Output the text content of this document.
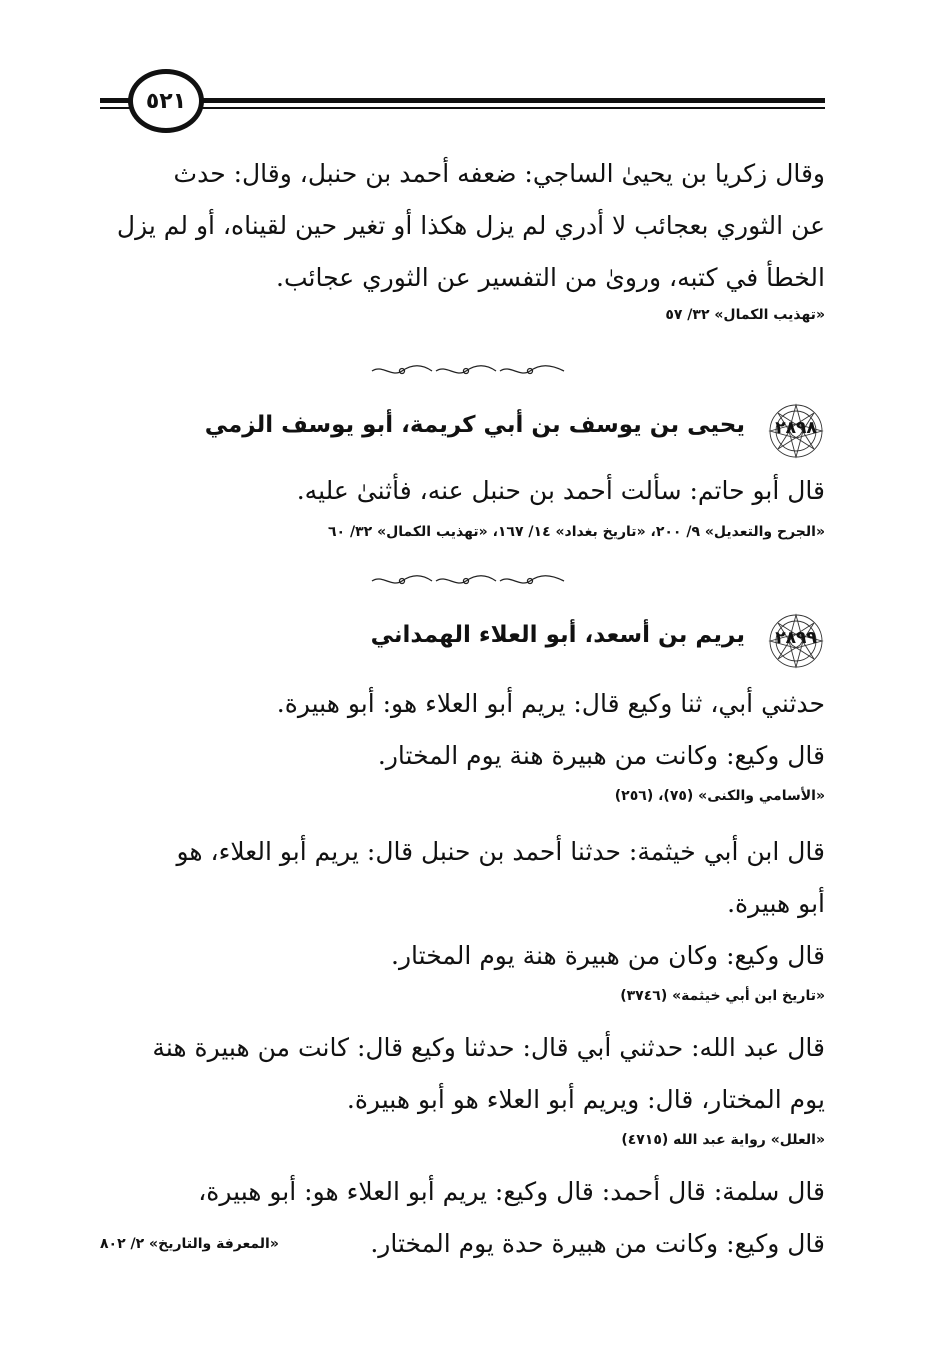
٥٢١
وقال زكريا بن يحيىٰ الساجي: ضعفه أحمد بن حنبل، وقال: حدث
عن الثوري بعجائب لا أدري لم يزل هكذا أو تغير حين لقيناه، أو لم يزل
الخطأ في كتبه، ورویٰ من التفسير عن الثوري عجائب.
«تهذيب الكمال» ٣٢/ ٥٧
٢٨٩٨
يحيى بن يوسف بن أبي كريمة، أبو يوسف الزمي
قال أبو حاتم: سألت أحمد بن حنبل عنه، فأثنىٰ عليه.
«الجرح والتعديل» ٩/ ٢٠٠، «تاريخ بغداد» ١٤/ ١٦٧، «تهذيب الكمال» ٣٢/ ٦٠
٢٨٩٩
يريم بن أسعد، أبو العلاء الهمداني
حدثني أبي، ثنا وكيع قال: يريم أبو العلاء هو: أبو هبيرة.
قال وكيع: وكانت من هبيرة هنة يوم المختار.
«الأسامي والكنى» (٧٥)، (٢٥٦)
قال ابن أبي خيثمة: حدثنا أحمد بن حنبل قال: يريم أبو العلاء، هو
أبو هبيرة.
قال وكيع: وكان من هبيرة هنة يوم المختار.
«تاريخ ابن أبي خيثمة» (٣٧٤٦)
قال عبد الله: حدثني أبي قال: حدثنا وكيع قال: كانت من هبيرة هنة
يوم المختار، قال: ويريم أبو العلاء هو أبو هبيرة.
«العلل» رواية عبد الله (٤٧١٥)
قال سلمة: قال أحمد: قال وكيع: يريم أبو العلاء هو: أبو هبيرة،
قال وكيع: وكانت من هبيرة حدة يوم المختار.
«المعرفة والتاريخ» ٢/ ٨٠٢
